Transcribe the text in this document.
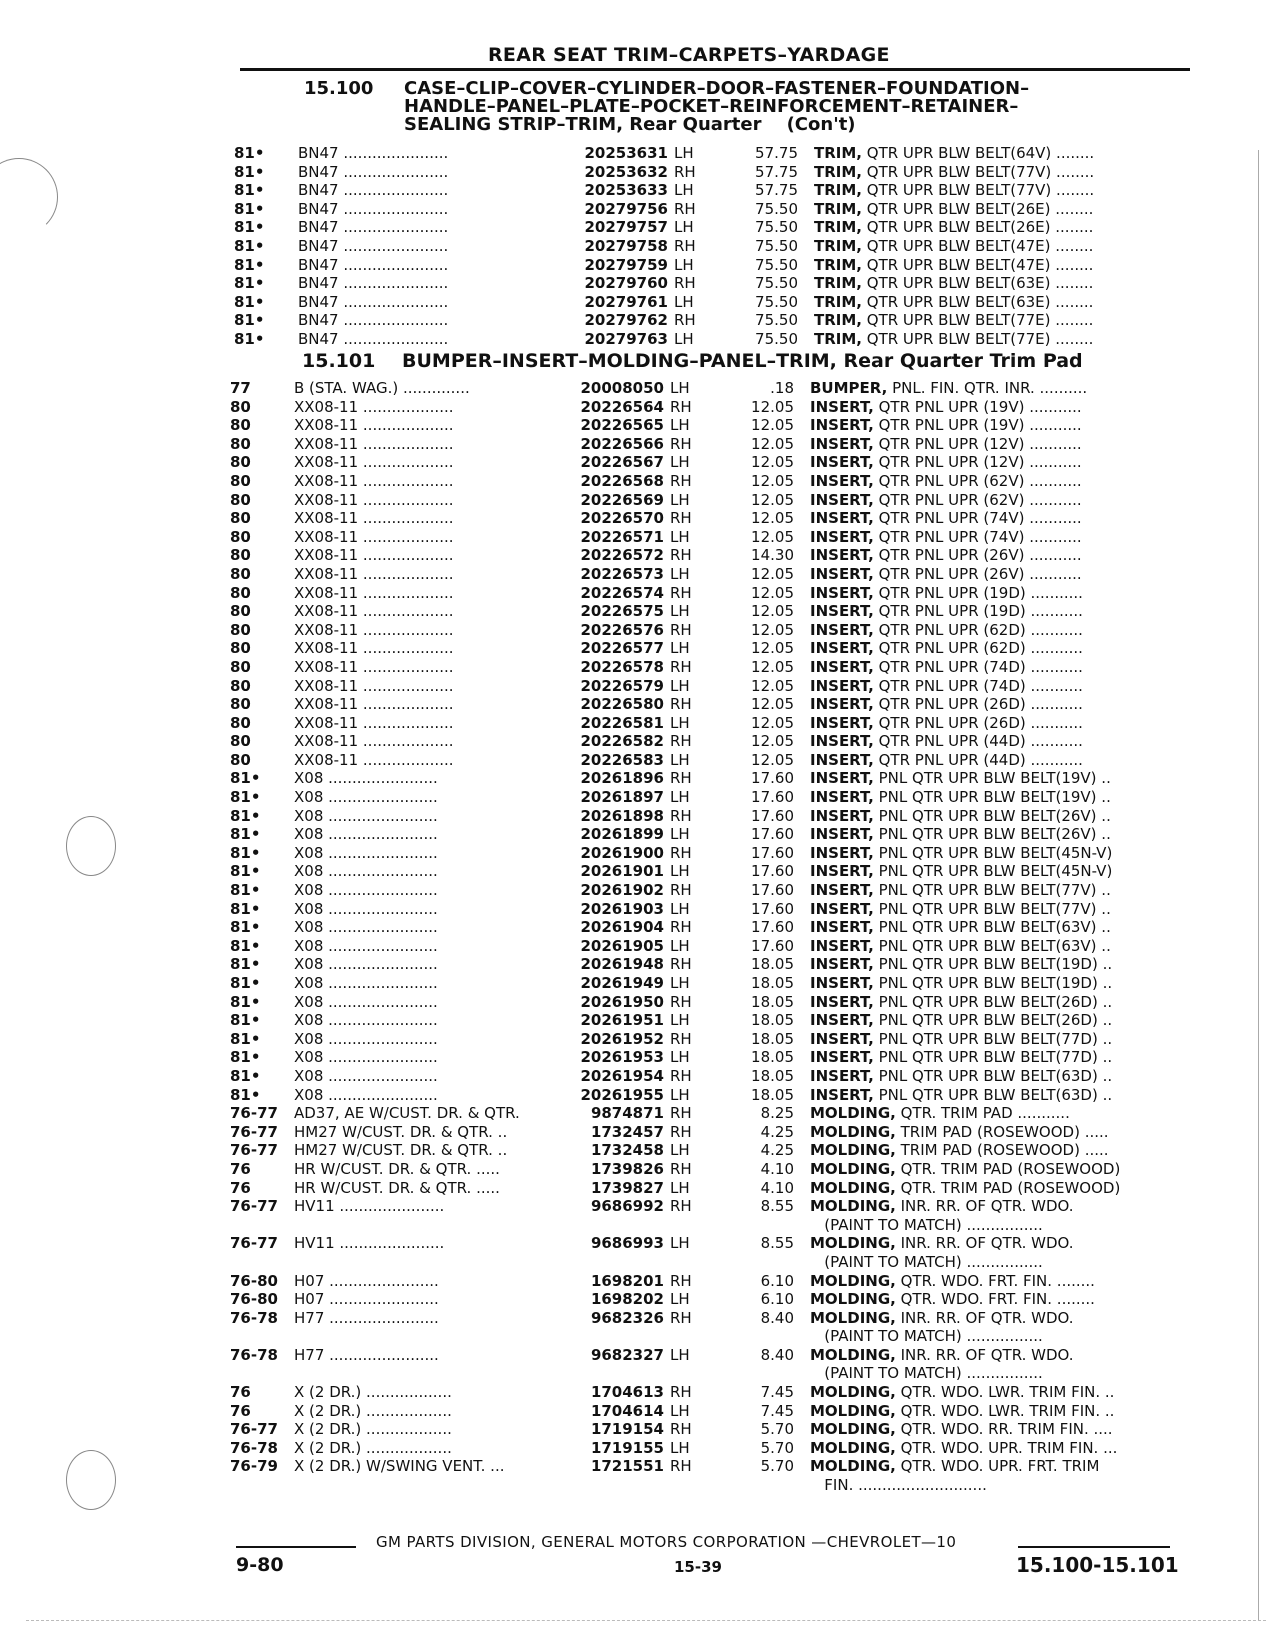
REAR SEAT TRIM–CARPETS–YARDAGE
15.100 CASE–CLIP–COVER–CYLINDER–DOOR–FASTENER–FOUNDATION–
HANDLE–PANEL–PLATE–POCKET–REINFORCEMENT–RETAINER–
SEALING STRIP–TRIM, Rear Quarter (Con't)
81•	BN47 ......................	20253631 LH	57.75 TRIM, QTR UPR BLW BELT(64V) ........
81•	BN47 ......................	20253632 RH	57.75 TRIM, QTR UPR BLW BELT(77V) ........
81•	BN47 ......................	20253633 LH	57.75 TRIM, QTR UPR BLW BELT(77V) ........
81•	BN47 ......................	20279756 RH	75.50 TRIM, QTR UPR BLW BELT(26E) ........
81•	BN47 ......................	20279757 LH	75.50 TRIM, QTR UPR BLW BELT(26E) ........
81•	BN47 ......................	20279758 RH	75.50 TRIM, QTR UPR BLW BELT(47E) ........
81•	BN47 ......................	20279759 LH	75.50 TRIM, QTR UPR BLW BELT(47E) ........
81•	BN47 ......................	20279760 RH	75.50 TRIM, QTR UPR BLW BELT(63E) ........
81•	BN47 ......................	20279761 LH	75.50 TRIM, QTR UPR BLW BELT(63E) ........
81•	BN47 ......................	20279762 RH	75.50 TRIM, QTR UPR BLW BELT(77E) ........
81•	BN47 ......................	20279763 LH	75.50 TRIM, QTR UPR BLW BELT(77E) ........
15.101 BUMPER–INSERT–MOLDING–PANEL–TRIM, Rear Quarter Trim Pad
77	B (STA. WAG.) ..............	20008050 LH	.18 BUMPER, PNL. FIN. QTR. INR. ..........
80	XX08-11 ...................	20226564 RH	12.05 INSERT, QTR PNL UPR (19V) ...........
80	XX08-11 ...................	20226565 LH	12.05 INSERT, QTR PNL UPR (19V) ...........
80	XX08-11 ...................	20226566 RH	12.05 INSERT, QTR PNL UPR (12V) ...........
80	XX08-11 ...................	20226567 LH	12.05 INSERT, QTR PNL UPR (12V) ...........
80	XX08-11 ...................	20226568 RH	12.05 INSERT, QTR PNL UPR (62V) ...........
80	XX08-11 ...................	20226569 LH	12.05 INSERT, QTR PNL UPR (62V) ...........
80	XX08-11 ...................	20226570 RH	12.05 INSERT, QTR PNL UPR (74V) ...........
80	XX08-11 ...................	20226571 LH	12.05 INSERT, QTR PNL UPR (74V) ...........
80	XX08-11 ...................	20226572 RH	14.30 INSERT, QTR PNL UPR (26V) ...........
80	XX08-11 ...................	20226573 LH	12.05 INSERT, QTR PNL UPR (26V) ...........
80	XX08-11 ...................	20226574 RH	12.05 INSERT, QTR PNL UPR (19D) ...........
80	XX08-11 ...................	20226575 LH	12.05 INSERT, QTR PNL UPR (19D) ...........
80	XX08-11 ...................	20226576 RH	12.05 INSERT, QTR PNL UPR (62D) ...........
80	XX08-11 ...................	20226577 LH	12.05 INSERT, QTR PNL UPR (62D) ...........
80	XX08-11 ...................	20226578 RH	12.05 INSERT, QTR PNL UPR (74D) ...........
80	XX08-11 ...................	20226579 LH	12.05 INSERT, QTR PNL UPR (74D) ...........
80	XX08-11 ...................	20226580 RH	12.05 INSERT, QTR PNL UPR (26D) ...........
80	XX08-11 ...................	20226581 LH	12.05 INSERT, QTR PNL UPR (26D) ...........
80	XX08-11 ...................	20226582 RH	12.05 INSERT, QTR PNL UPR (44D) ...........
80	XX08-11 ...................	20226583 LH	12.05 INSERT, QTR PNL UPR (44D) ...........
81•	X08 .......................	20261896 RH	17.60 INSERT, PNL QTR UPR BLW BELT(19V) ..
81•	X08 .......................	20261897 LH	17.60 INSERT, PNL QTR UPR BLW BELT(19V) ..
81•	X08 .......................	20261898 RH	17.60 INSERT, PNL QTR UPR BLW BELT(26V) ..
81•	X08 .......................	20261899 LH	17.60 INSERT, PNL QTR UPR BLW BELT(26V) ..
81•	X08 .......................	20261900 RH	17.60 INSERT, PNL QTR UPR BLW BELT(45N-V)
81•	X08 .......................	20261901 LH	17.60 INSERT, PNL QTR UPR BLW BELT(45N-V)
81•	X08 .......................	20261902 RH	17.60 INSERT, PNL QTR UPR BLW BELT(77V) ..
81•	X08 .......................	20261903 LH	17.60 INSERT, PNL QTR UPR BLW BELT(77V) ..
81•	X08 .......................	20261904 RH	17.60 INSERT, PNL QTR UPR BLW BELT(63V) ..
81•	X08 .......................	20261905 LH	17.60 INSERT, PNL QTR UPR BLW BELT(63V) ..
81•	X08 .......................	20261948 RH	18.05 INSERT, PNL QTR UPR BLW BELT(19D) ..
81•	X08 .......................	20261949 LH	18.05 INSERT, PNL QTR UPR BLW BELT(19D) ..
81•	X08 .......................	20261950 RH	18.05 INSERT, PNL QTR UPR BLW BELT(26D) ..
81•	X08 .......................	20261951 LH	18.05 INSERT, PNL QTR UPR BLW BELT(26D) ..
81•	X08 .......................	20261952 RH	18.05 INSERT, PNL QTR UPR BLW BELT(77D) ..
81•	X08 .......................	20261953 LH	18.05 INSERT, PNL QTR UPR BLW BELT(77D) ..
81•	X08 .......................	20261954 RH	18.05 INSERT, PNL QTR UPR BLW BELT(63D) ..
81•	X08 .......................	20261955 LH	18.05 INSERT, PNL QTR UPR BLW BELT(63D) ..
76-77	AD37, AE W/CUST. DR. & QTR.	9874871 RH	8.25 MOLDING, QTR. TRIM PAD ...........
76-77	HM27 W/CUST. DR. & QTR. ..	1732457 RH	4.25 MOLDING, TRIM PAD (ROSEWOOD) .....
76-77	HM27 W/CUST. DR. & QTR. ..	1732458 LH	4.25 MOLDING, TRIM PAD (ROSEWOOD) .....
76	HR W/CUST. DR. & QTR. .....	1739826 RH	4.10 MOLDING, QTR. TRIM PAD (ROSEWOOD)
76	HR W/CUST. DR. & QTR. .....	1739827 LH	4.10 MOLDING, QTR. TRIM PAD (ROSEWOOD)
76-77	HV11 ......................	9686992 RH	8.55 MOLDING, INR. RR. OF QTR. WDO.
(PAINT TO MATCH) ................
76-77	HV11 ......................	9686993 LH	8.55 MOLDING, INR. RR. OF QTR. WDO.
(PAINT TO MATCH) ................
76-80	H07 .......................	1698201 RH	6.10 MOLDING, QTR. WDO. FRT. FIN. ........
76-80	H07 .......................	1698202 LH	6.10 MOLDING, QTR. WDO. FRT. FIN. ........
76-78	H77 .......................	9682326 RH	8.40 MOLDING, INR. RR. OF QTR. WDO.
(PAINT TO MATCH) ................
76-78	H77 .......................	9682327 LH	8.40 MOLDING, INR. RR. OF QTR. WDO.
(PAINT TO MATCH) ................
76	X (2 DR.) ..................	1704613 RH	7.45 MOLDING, QTR. WDO. LWR. TRIM FIN. ..
76	X (2 DR.) ..................	1704614 LH	7.45 MOLDING, QTR. WDO. LWR. TRIM FIN. ..
76-77	X (2 DR.) ..................	1719154 RH	5.70 MOLDING, QTR. WDO. RR. TRIM FIN. ....
76-78	X (2 DR.) ..................	1719155 LH	5.70 MOLDING, QTR. WDO. UPR. TRIM FIN. ...
76-79	X (2 DR.) W/SWING VENT. ...	1721551 RH	5.70 MOLDING, QTR. WDO. UPR. FRT. TRIM
FIN. ...........................
GM PARTS DIVISION, GENERAL MOTORS CORPORATION —CHEVROLET—10
9-80	15-39	15.100-15.101
